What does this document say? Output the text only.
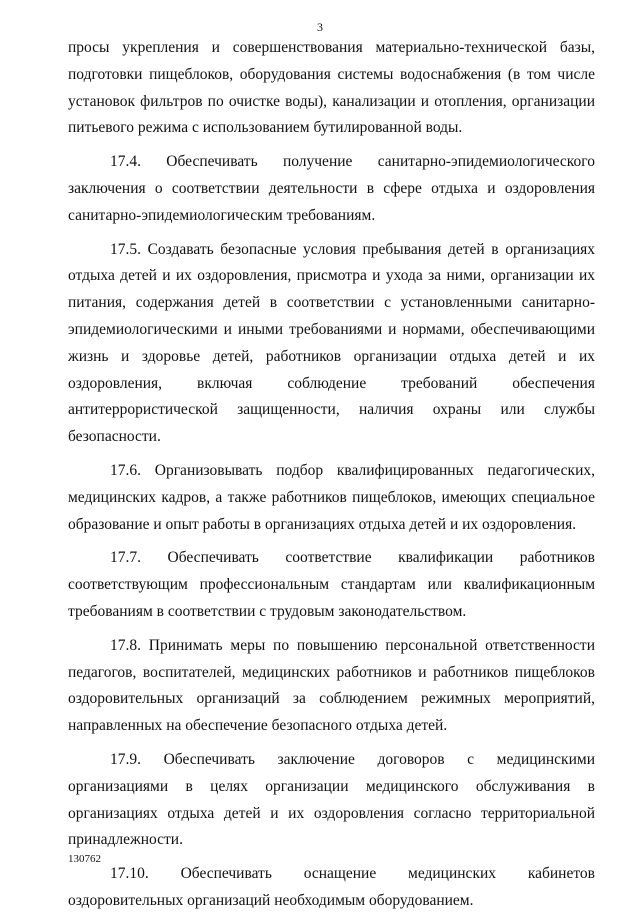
3

просы укрепления и совершенствования материально-технической базы, подготовки пищеблоков, оборудования системы водоснабжения (в том числе установок фильтров по очистке воды), канализации и отопления, организации питьевого режима с использованием бутилированной воды.

17.4. Обеспечивать получение санитарно-эпидемиологического заключения о соответствии деятельности в сфере отдыха и оздоровления санитарно-эпидемиологическим требованиям.

17.5. Создавать безопасные условия пребывания детей в организациях отдыха детей и их оздоровления, присмотра и ухода за ними, организации их питания, содержания детей в соответствии с установленными санитарно-эпидемиологическими и иными требованиями и нормами, обеспечивающими жизнь и здоровье детей, работников организации отдыха детей и их оздоровления, включая соблюдение требований обеспечения антитеррористической защищенности, наличия охраны или службы безопасности.

17.6. Организовывать подбор квалифицированных педагогических, медицинских кадров, а также работников пищеблоков, имеющих специальное образование и опыт работы в организациях отдыха детей и их оздоровления.

17.7. Обеспечивать соответствие квалификации работников соответствующим профессиональным стандартам или квалификационным требованиям в соответствии с трудовым законодательством.

17.8. Принимать меры по повышению персональной ответственности педагогов, воспитателей, медицинских работников и работников пищеблоков оздоровительных организаций за соблюдением режимных мероприятий, направленных на обеспечение безопасного отдыха детей.

17.9. Обеспечивать заключение договоров с медицинскими организациями в целях организации медицинского обслуживания в организациях отдыха детей и их оздоровления согласно территориальной принадлежности.

17.10. Обеспечивать оснащение медицинских кабинетов оздоровительных организаций необходимым оборудованием.

130762
